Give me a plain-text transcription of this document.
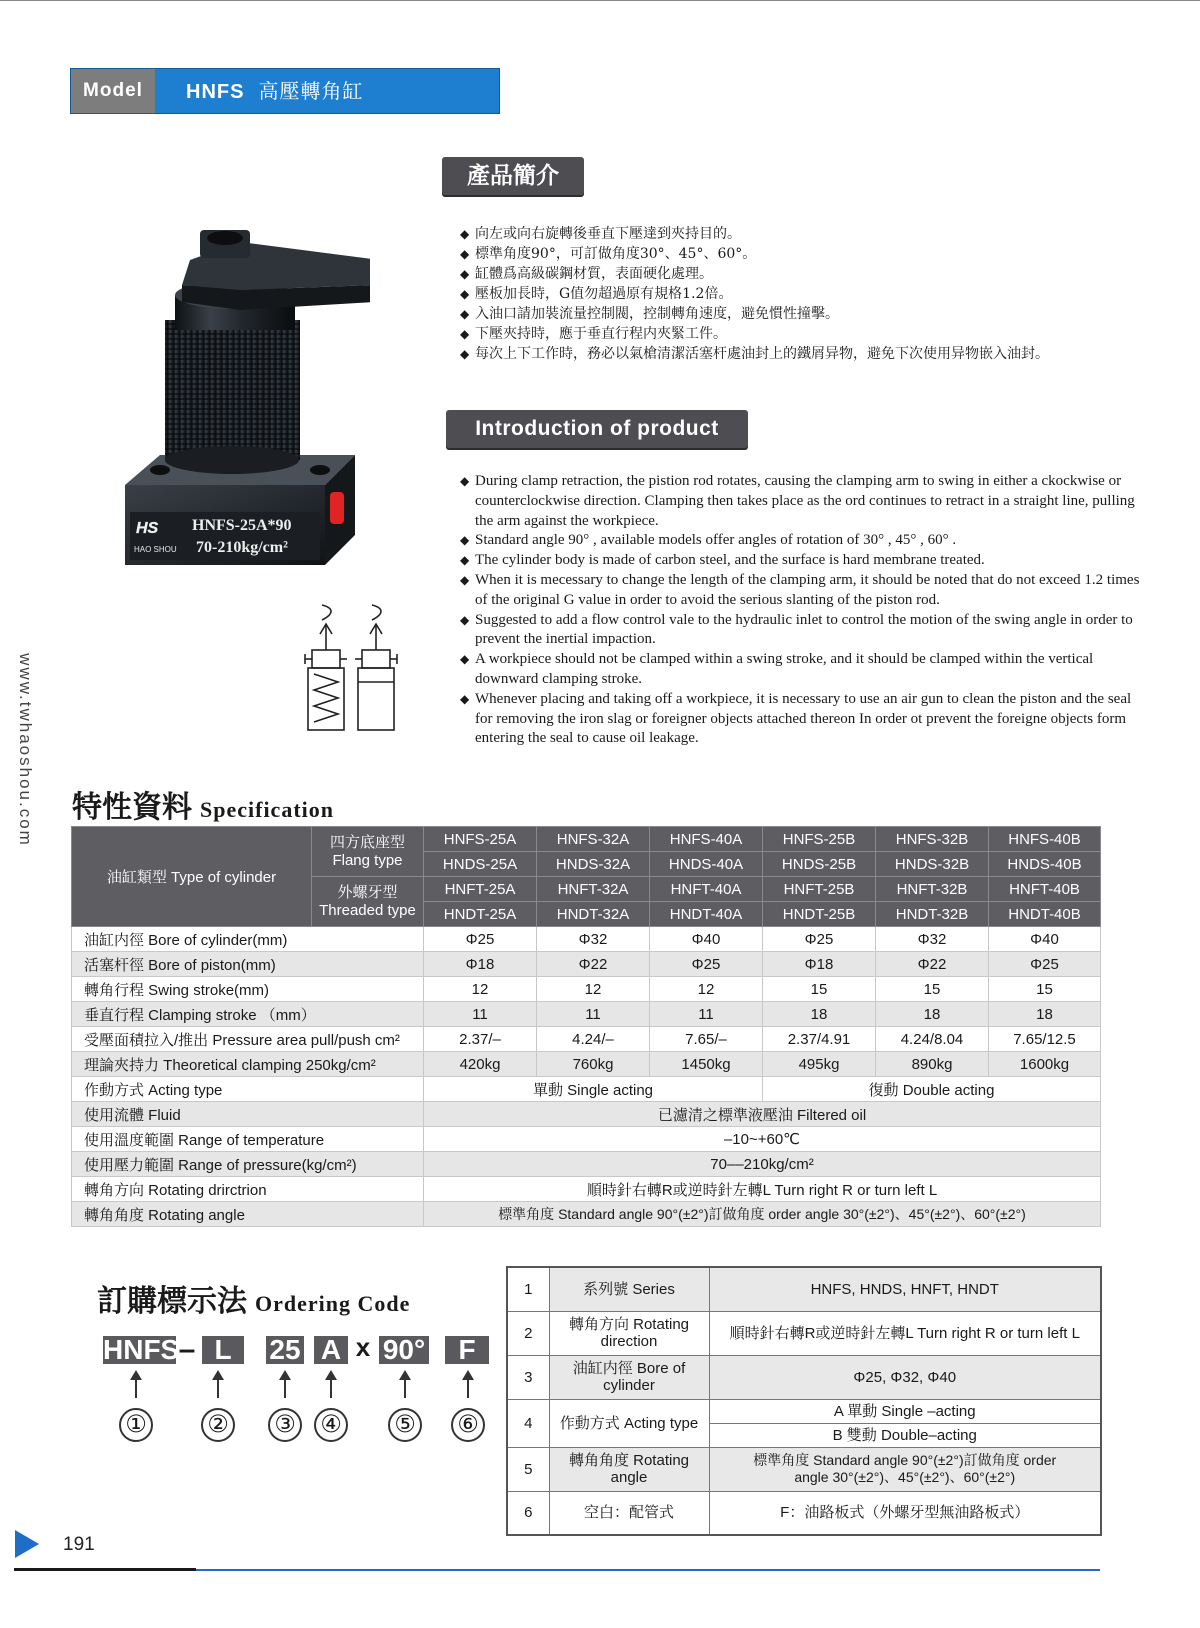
Model	HNFS 高壓轉角缸
HS
HAO SHOU
HNFS-25A*90
70-210kg/cm²
產品簡介
◆ 向左或向右旋轉後垂直下壓達到夾持目的。
◆ 標準角度90°，可訂做角度30°、45°、60°。
◆ 缸體爲高級碳鋼材質，表面硬化處理。
◆ 壓板加長時，G值勿超過原有規格1.2倍。
◆ 入油口請加裝流量控制閥，控制轉角速度，避免慣性撞擊。
◆ 下壓夾持時，應于垂直行程内夾緊工件。
◆ 每次上下工作時，務必以氣槍清潔活塞杆處油封上的鐵屑异物，避免下次使用异物嵌入油封。
Introduction of product
◆ During clamp retraction, the pistion rod rotates, causing the clamping arm to swing in either a ckockwise or counterclockwise direction. Clamping then takes place as the ord continues to retract in a straight line, pulling the arm against the workpiece.
◆ Standard angle 90° , available models offer angles of rotation of 30° , 45° , 60° .
◆ The cylinder body is made of carbon steel, and the surface is hard membrane treated.
◆ When it is mecessary to change the length of the clamping arm, it should be noted that do not exceed 1.2 times of the original G value in order to avoid the serious slanting of the piston rod.
◆ Suggested to add a flow control vale to the hydraulic inlet to control the motion of the swing angle in order to prevent the inertial impaction.
◆ A workpiece should not be clamped within a swing stroke, and it should be clamped within the vertical downward clamping stroke.
◆ Whenever placing and taking off a workpiece, it is necessary to use an air gun to clean the piston and the seal for removing the iron slag or foreigner objects attached thereon In order ot prevent the foreigne objects form entering the seal to cause oil leakage.
www.twhaoshou.com 特性資料 Specification
油缸類型 Type of cylinder	四方底座型 Flang type	HNFS-25A	HNFS-32A	HNFS-40A	HNFS-25B	HNFS-32B	HNFS-40B
		HNDS-25A	HNDS-32A	HNDS-40A	HNDS-25B	HNDS-32B	HNDS-40B
	外螺牙型 Threaded type	HNFT-25A	HNFT-32A	HNFT-40A	HNFT-25B	HNFT-32B	HNFT-40B
		HNDT-25A	HNDT-32A	HNDT-40A	HNDT-25B	HNDT-32B	HNDT-40B
油缸内徑 Bore of cylinder(mm)		Φ25	Φ32	Φ40	Φ25	Φ32	Φ40
活塞杆徑 Bore of piston(mm)		Φ18	Φ22	Φ25	Φ18	Φ22	Φ25
轉角行程 Swing stroke(mm)		12	12	12	15	15	15
垂直行程 Clamping stroke （mm）		11	11	11	18	18	18
受壓面積拉入/推出 Pressure area pull/push cm²		2.37/–	4.24/–	7.65/–	2.37/4.91	4.24/8.04	7.65/12.5
理論夾持力 Theoretical clamping 250kg/cm²		420kg	760kg	1450kg	495kg	890kg	1600kg
作動方式 Acting type		單動 Single acting			復動 Double acting		
使用流體 Fluid		已濾清之標準液壓油 Filtered oil					
使用溫度範圍 Range of temperature		–10~+60℃					
使用壓力範圍 Range of pressure(kg/cm²)		70––210kg/cm²					
轉角方向 Rotating drirctrion		順時針右轉R或逆時針左轉L Turn right R or turn left L					
轉角角度 Rotating angle		標準角度 Standard angle 90°(±2°)訂做角度 order angle 30°(±2°)、45°(±2°)、60°(±2°)					
訂購標示法 Ordering Code
HNFS – L	25 A x 90°	F
①	② ③ ④ ⑤ ⑥
1	系列號 Series	HNFS, HNDS, HNFT, HNDT
2	轉角方向 Rotating direction	順時針右轉R或逆時針左轉L Turn right R or turn left L
3	油缸内徑 Bore of cylinder	Φ25, Φ32, Φ40
4	作動方式 Acting type	A 單動 Single –acting
		B 雙動 Double–acting
5	轉角角度 Rotating angle	標準角度 Standard angle 90°(±2°)訂做角度 order angle 30°(±2°)、45°(±2°)、60°(±2°)
6	空白：配管式	F：油路板式（外螺牙型無油路板式）
191
